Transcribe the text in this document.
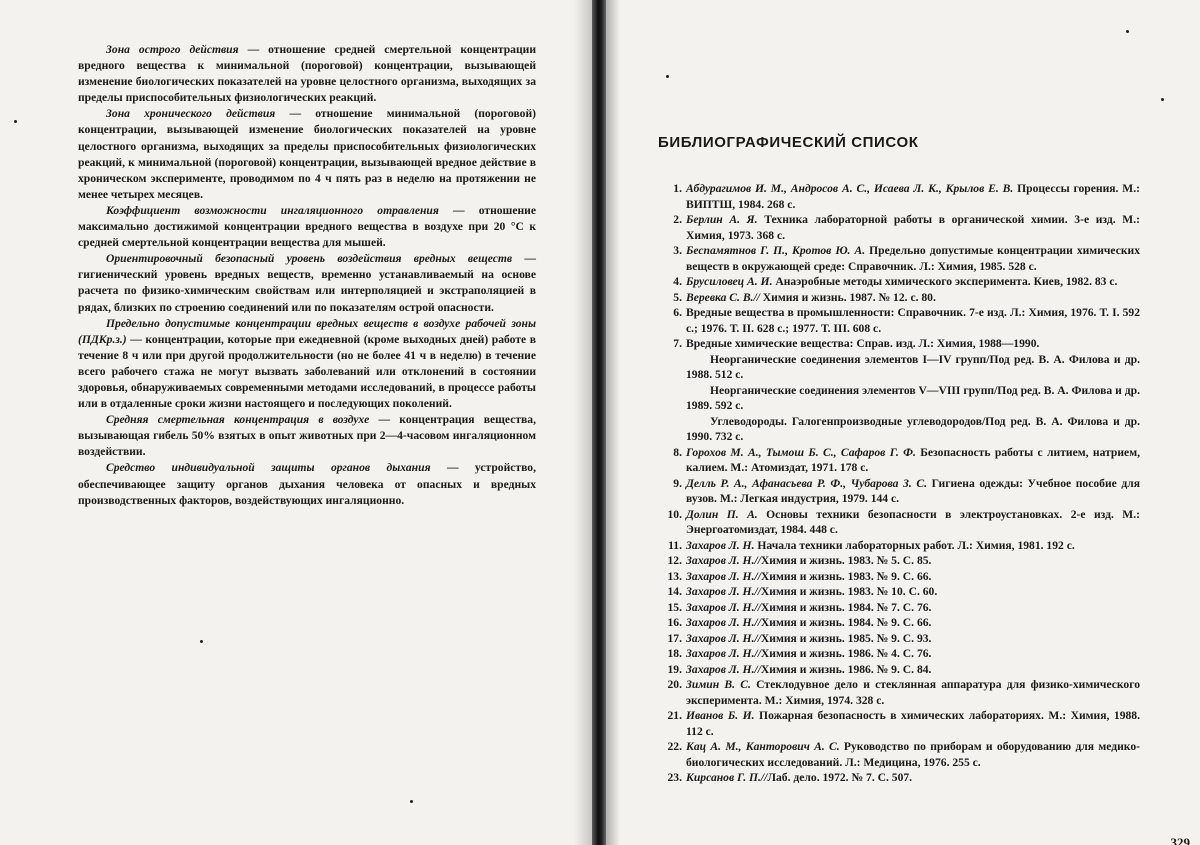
Зона острого действия — отношение средней смертельной концентрации вредного вещества к минимальной (пороговой) концентрации, вызывающей изменение биологических показателей на уровне целостного организма, выходящих за пределы приспособительных физиологических реакций.

Зона хронического действия — отношение минимальной (пороговой) концентрации, вызывающей изменение биологических показателей на уровне целостного организма, выходящих за пределы приспособительных физиологических реакций, к минимальной (пороговой) концентрации, вызывающей вредное действие в хроническом эксперименте, проводимом по 4 ч пять раз в неделю на протяжении не менее четырех месяцев.

Коэффициент возможности ингаляционного отравления — отношение максимально достижимой концентрации вредного вещества в воздухе при 20 °С к средней смертельной концентрации вещества для мышей.

Ориентировочный безопасный уровень воздействия вредных веществ — гигиенический уровень вредных веществ, временно устанавливаемый на основе расчета по физико-химическим свойствам или интерполяцией и экстраполяцией в рядах, близких по строению соединений или по показателям острой опасности.

Предельно допустимые концентрации вредных веществ в воздухе рабочей зоны (ПДКр.з.) — концентрации, которые при ежедневной (кроме выходных дней) работе в течение 8 ч или при другой продолжительности (но не более 41 ч в неделю) в течение всего рабочего стажа не могут вызвать заболеваний или отклонений в состоянии здоровья, обнаруживаемых современными методами исследований, в процессе работы или в отдаленные сроки жизни настоящего и последующих поколений.

Средняя смертельная концентрация в воздухе — концентрация вещества, вызывающая гибель 50% взятых в опыт животных при 2—4-часовом ингаляционном воздействии.

Средство индивидуальной защиты органов дыхания — устройство, обеспечивающее защиту органов дыхания человека от опасных и вредных производственных факторов, воздействующих ингаляционно.

БИБЛИОГРАФИЧЕСКИЙ СПИСОК
1. Абдурагимов И. М., Андросов А. С., Исаева Л. К., Крылов Е. В. Процессы горения. М.: ВИПТШ, 1984. 268 с.
2. Берлин А. Я. Техника лабораторной работы в органической химии. 3-е изд. М.: Химия, 1973. 368 с.
3. Беспамятнов Г. П., Кротов Ю. А. Предельно допустимые концентрации химических веществ в окружающей среде: Справочник. Л.: Химия, 1985. 528 с.
4. Брусиловец А. И. Анаэробные методы химического эксперимента. Киев, 1982. 83 с.
5. Веревка С. В.// Химия и жизнь. 1987. № 12. с. 80.
6. Вредные вещества в промышленности: Справочник. 7-е изд. Л.: Химия, 1976. Т. I. 592 с.; 1976. Т. II. 628 с.; 1977. Т. III. 608 с.
7. Вредные химические вещества: Справ. изд. Л.: Химия, 1988—1990.

Неорганические соединения элементов I—IV групп/Под ред. В. А. Филова и др. 1988. 512 с.

Неорганические соединения элементов V—VIII групп/Под ред. В. А. Филова и др. 1989. 592 с.

Углеводороды. Галогенпроизводные углеводородов/Под ред. В. А. Филова и др. 1990. 732 с.

8. Горохов М. А., Тымош Б. С., Сафаров Г. Ф. Безопасность работы с литием, натрием, калием. М.: Атомиздат, 1971. 178 с.
9. Делль Р. А., Афанасьева Р. Ф., Чубарова З. С. Гигиена одежды: Учебное пособие для вузов. М.: Легкая индустрия, 1979. 144 с.
10. Долин П. А. Основы техники безопасности в электроустановках. 2-е изд. М.: Энергоатомиздат, 1984. 448 с.
11. Захаров Л. Н. Начала техники лабораторных работ. Л.: Химия, 1981. 192 с.
12. Захаров Л. Н.//Химия и жизнь. 1983. № 5. С. 85.
13. Захаров Л. Н.//Химия и жизнь. 1983. № 9. С. 66.
14. Захаров Л. Н.//Химия и жизнь. 1983. № 10. С. 60.
15. Захаров Л. Н.//Химия и жизнь. 1984. № 7. С. 76.
16. Захаров Л. Н.//Химия и жизнь. 1984. № 9. С. 66.
17. Захаров Л. Н.//Химия и жизнь. 1985. № 9. С. 93.
18. Захаров Л. Н.//Химия и жизнь. 1986. № 4. С. 76.
19. Захаров Л. Н.//Химия и жизнь. 1986. № 9. С. 84.
20. Зимин В. С. Стеклодувное дело и стеклянная аппаратура для физико-химического эксперимента. М.: Химия, 1974. 328 с.
21. Иванов Б. И. Пожарная безопасность в химических лабораториях. М.: Химия, 1988. 112 с.
22. Кац А. М., Канторович А. С. Руководство по приборам и оборудованию для медико-биологических исследований. Л.: Медицина, 1976. 255 с.
23. Кирсанов Г. П.//Лаб. дело. 1972. № 7. С. 507.
329
